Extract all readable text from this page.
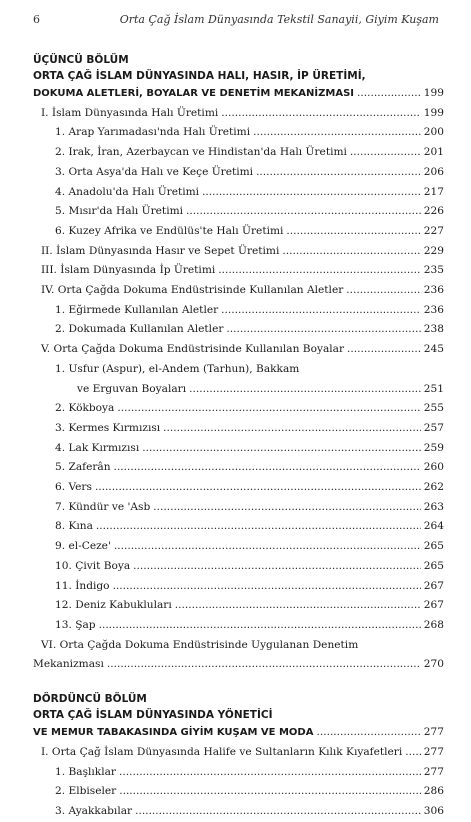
6	Orta Çağ İslam Dünyasında Tekstil Sanayii, Giyim Kuşam
ÜÇÜNCÜ BÖLÜM
ORTA ÇAĞ İSLAM DÜNYASINDA HALI, HASIR, İP ÜRETİMİ,
DOKUMA ALETLERİ, BOYALAR VE DENETİM MEKANİZMASI .....	199
I. İslam Dünyasında Halı Üretimi .....	199
1. Arap Yarımadası'nda Halı Üretimi .....	200
2. Irak, İran, Azerbaycan ve Hindistan'da Halı Üretimi .....	201
3. Orta Asya'da Halı ve Keçe Üretimi .....	206
4. Anadolu'da Halı Üretimi .....	217
5. Mısır'da Halı Üretimi .....	226
6. Kuzey Afrika ve Endülüs'te Halı Üretimi .....	227
II. İslam Dünyasında Hasır ve Sepet Üretimi .....	229
III. İslam Dünyasında İp Üretimi .....	235
IV. Orta Çağda Dokuma Endüstrisinde Kullanılan Aletler .....	236
1. Eğirmede Kullanılan Aletler .....	236
2. Dokumada Kullanılan Aletler .....	238
V. Orta Çağda Dokuma Endüstrisinde Kullanılan Boyalar .....	245
1. Usfur (Aspur), el-Andem (Tarhun), Bakkam
ve Erguvan Boyaları .....	251
2. Kökboya .....	255
3. Kermes Kırmızısı .....	257
4. Lak Kırmızısı .....	259
5. Zaferân .....	260
6. Vers .....	262
7. Kündür ve 'Asb .....	263
8. Kına .....	264
9. el-Ceze' .....	265
10. Çivit Boya .....	265
11. İndigo .....	267
12. Deniz Kabukluları .....	267
13. Şap .....	268
VI. Orta Çağda Dokuma Endüstrisinde Uygulanan Denetim
Mekanizması .....	270
DÖRDÜNCÜ BÖLÜM
ORTA ÇAĞ İSLAM DÜNYASINDA YÖNETİCİ
VE MEMUR TABAKASINDA GİYİM KUŞAM VE MODA .....	277
I. Orta Çağ İslam Dünyasında Halife ve Sultanların Kılık Kıyafetleri ..... 277
1. Başlıklar .....	277
2. Elbiseler .....	286
3. Ayakkabılar .....	306
